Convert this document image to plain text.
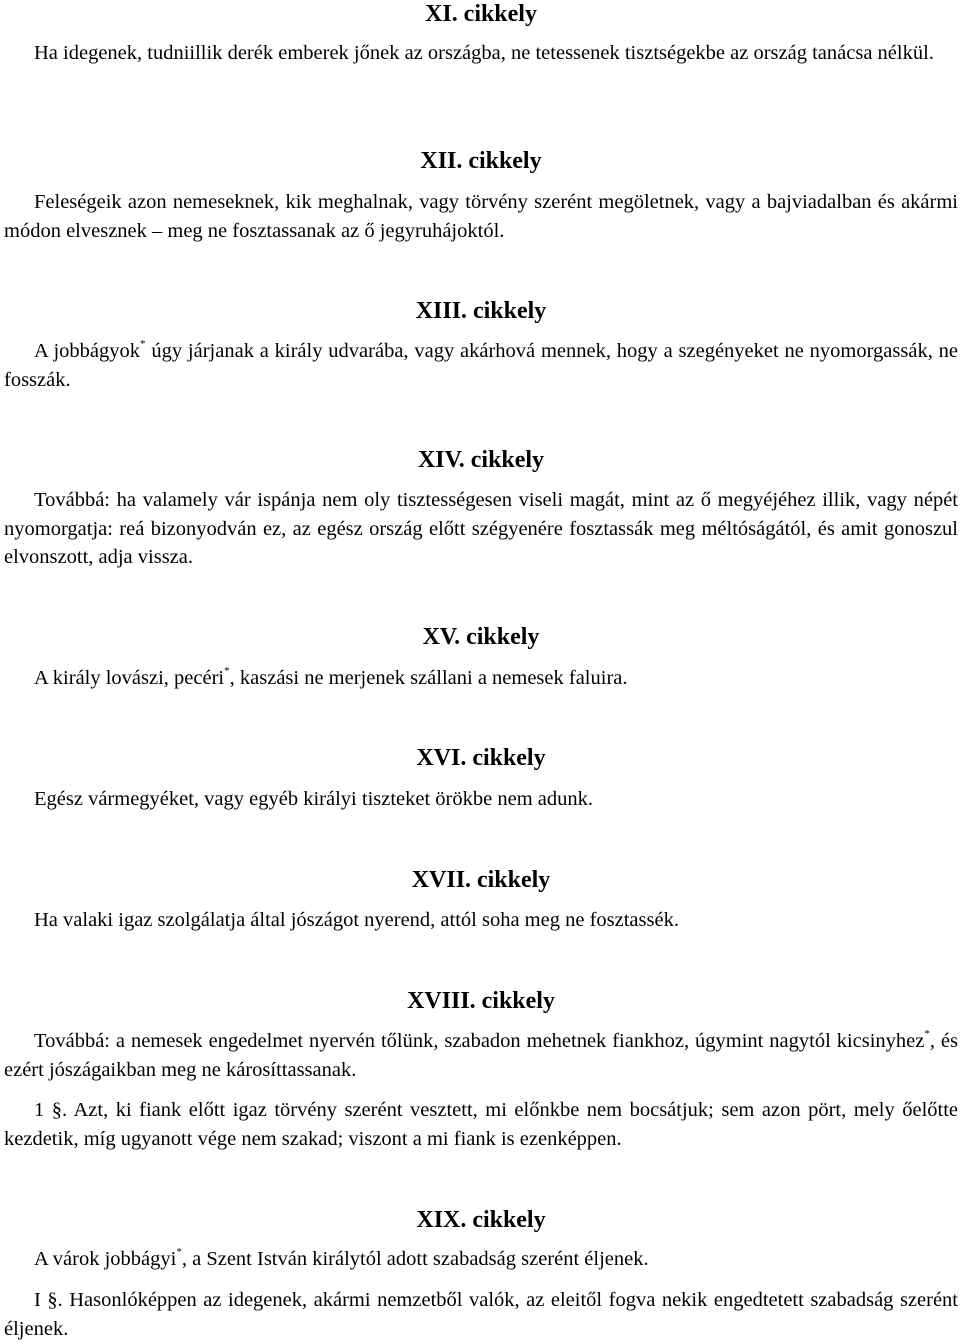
XI. cikkely

Ha idegenek, tudniillik derék emberek jőnek az országba, ne tetessenek tisztségekbe az ország tanácsa nélkül.

XII. cikkely

Feleségeik azon nemeseknek, kik meghalnak, vagy törvény szerént megöletnek, vagy a bajviadalban és akármi módon elvesznek – meg ne fosztassanak az ő jegyruhájoktól.

XIII. cikkely

A jobbágyok* úgy járjanak a király udvarába, vagy akárhová mennek, hogy a szegényeket ne nyomorgassák, ne fosszák.

XIV. cikkely

Továbbá: ha valamely vár ispánja nem oly tisztességesen viseli magát, mint az ő megyéjéhez illik, vagy népét nyomorgatja: reá bizonyodván ez, az egész ország előtt szégyenére fosztassák meg méltóságától, és amit gonoszul elvonszott, adja vissza.

XV. cikkely

A király lovászi, pecéri*, kaszási ne merjenek szállani a nemesek faluira.

XVI. cikkely

Egész vármegyéket, vagy egyéb királyi tiszteket örökbe nem adunk.

XVII. cikkely

Ha valaki igaz szolgálatja által jószágot nyerend, attól soha meg ne fosztassék.

XVIII. cikkely

Továbbá: a nemesek engedelmet nyervén tőlünk, szabadon mehetnek fiankhoz, úgymint nagytól kicsinyhez*, és ezért jószágaikban meg ne károsíttassanak.

1 §. Azt, ki fiank előtt igaz törvény szerént vesztett, mi előnkbe nem bocsátjuk; sem azon pört, mely őelőtte kezdetik, míg ugyanott vége nem szakad; viszont a mi fiank is ezenképpen.

XIX. cikkely

A várok jobbágyi*, a Szent István királytól adott szabadság szerént éljenek.

I §. Hasonlóképpen az idegenek, akármi nemzetből valók, az eleitől fogva nekik engedtetett szabadság szerént éljenek.
